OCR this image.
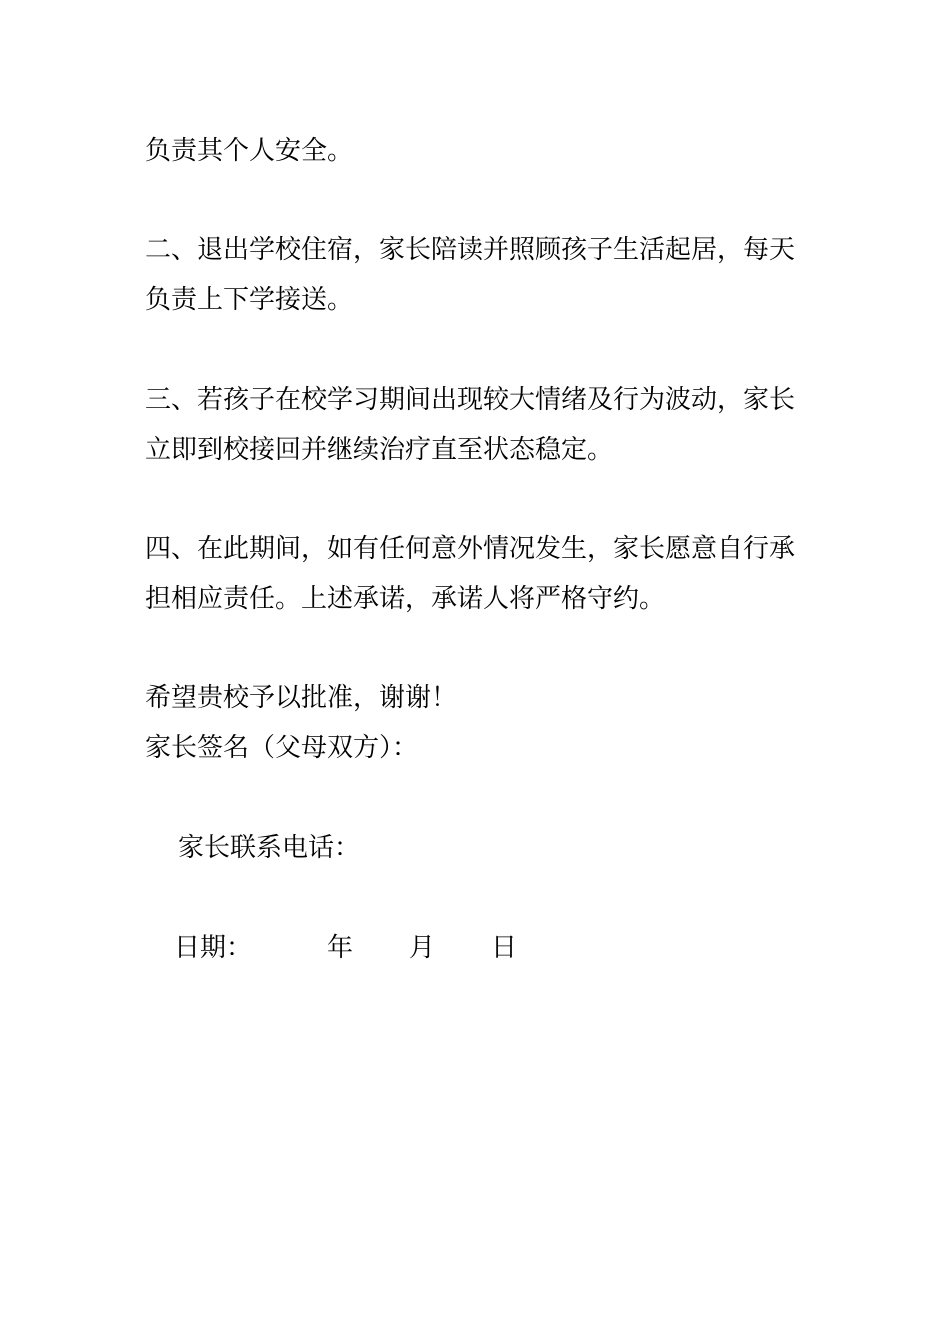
负责其个人安全。
二、退出学校住宿，家长陪读并照顾孩子生活起居，每天
负责上下学接送。
三、若孩子在校学习期间出现较大情绪及行为波动，家长
立即到校接回并继续治疗直至状态稳定。
四、在此期间，如有任何意外情况发生，家长愿意自行承
担相应责任。上述承诺，承诺人将严格守约。
希望贵校予以批准，谢谢！
家长签名（父母双方）：
家长联系电话：
日期：	年 月 日
